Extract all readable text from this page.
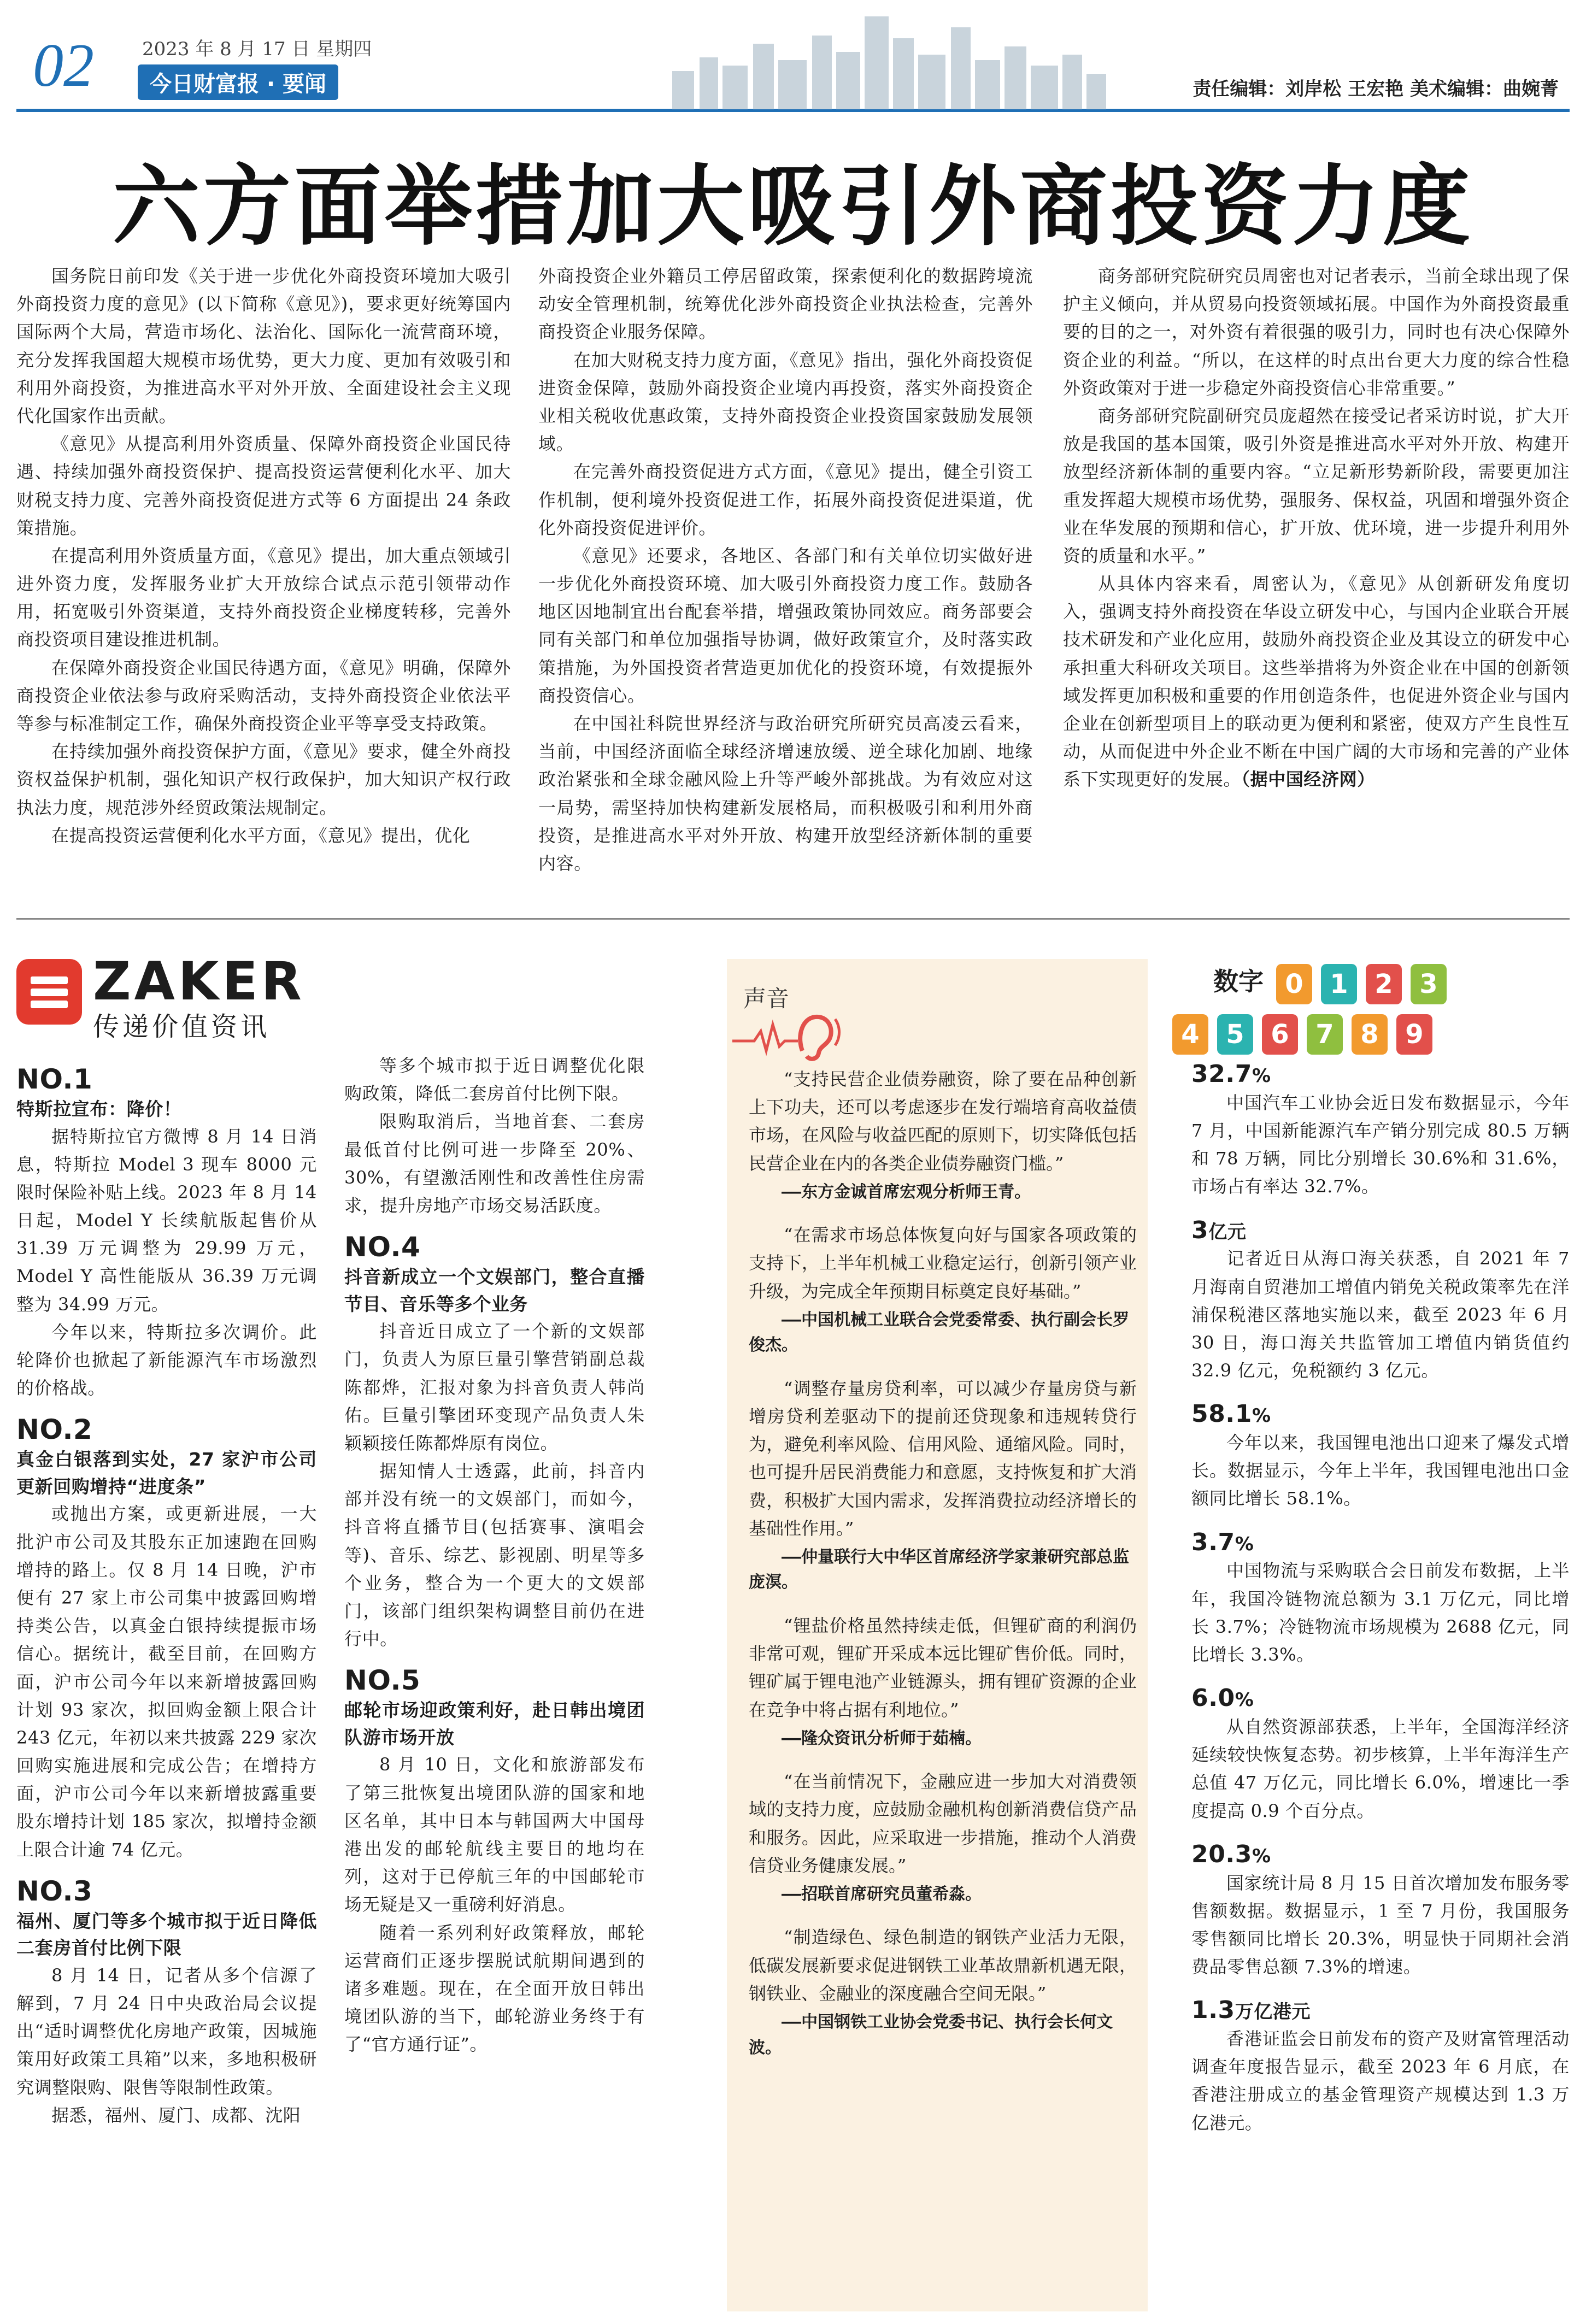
02	2023 年 8 月 17 日 星期四
今日财富报 · 要闻	责任编辑：刘岸松 王宏艳 美术编辑：曲婉菁
六方面举措加大吸引外商投资力度

国务院日前印发《关于进一步优化外商投资环境加大吸引外商投资力度的意见》(以下简称《意见》)，要求更好统筹国内国际两个大局，营造市场化、法治化、国际化一流营商环境，充分发挥我国超大规模市场优势，更大力度、更加有效吸引和利用外商投资，为推进高水平对外开放、全面建设社会主义现代化国家作出贡献。

《意见》从提高利用外资质量、保障外商投资企业国民待遇、持续加强外商投资保护、提高投资运营便利化水平、加大财税支持力度、完善外商投资促进方式等 6 方面提出 24 条政策措施。

在提高利用外资质量方面，《意见》提出，加大重点领域引进外资力度，发挥服务业扩大开放综合试点示范引领带动作用，拓宽吸引外资渠道，支持外商投资企业梯度转移，完善外商投资项目建设推进机制。

在保障外商投资企业国民待遇方面，《意见》明确，保障外商投资企业依法参与政府采购活动，支持外商投资企业依法平等参与标准制定工作，确保外商投资企业平等享受支持政策。

在持续加强外商投资保护方面，《意见》要求，健全外商投资权益保护机制，强化知识产权行政保护，加大知识产权行政执法力度，规范涉外经贸政策法规制定。

在提高投资运营便利化水平方面，《意见》提出，优化

外商投资企业外籍员工停居留政策，探索便利化的数据跨境流动安全管理机制，统筹优化涉外商投资企业执法检查，完善外商投资企业服务保障。

在加大财税支持力度方面，《意见》指出，强化外商投资促进资金保障，鼓励外商投资企业境内再投资，落实外商投资企业相关税收优惠政策，支持外商投资企业投资国家鼓励发展领域。

在完善外商投资促进方式方面，《意见》提出，健全引资工作机制，便利境外投资促进工作，拓展外商投资促进渠道，优化外商投资促进评价。

《意见》还要求，各地区、各部门和有关单位切实做好进一步优化外商投资环境、加大吸引外商投资力度工作。鼓励各地区因地制宜出台配套举措，增强政策协同效应。商务部要会同有关部门和单位加强指导协调，做好政策宣介，及时落实政策措施，为外国投资者营造更加优化的投资环境，有效提振外商投资信心。

在中国社科院世界经济与政治研究所研究员高凌云看来，当前，中国经济面临全球经济增速放缓、逆全球化加剧、地缘政治紧张和全球金融风险上升等严峻外部挑战。为有效应对这一局势，需坚持加快构建新发展格局，而积极吸引和利用外商投资，是推进高水平对外开放、构建开放型经济新体制的重要内容。

商务部研究院研究员周密也对记者表示，当前全球出现了保护主义倾向，并从贸易向投资领域拓展。中国作为外商投资最重要的目的之一，对外资有着很强的吸引力，同时也有决心保障外资企业的利益。“所以，在这样的时点出台更大力度的综合性稳外资政策对于进一步稳定外商投资信心非常重要。”

商务部研究院副研究员庞超然在接受记者采访时说，扩大开放是我国的基本国策，吸引外资是推进高水平对外开放、构建开放型经济新体制的重要内容。“立足新形势新阶段，需要更加注重发挥超大规模市场优势，强服务、保权益，巩固和增强外资企业在华发展的预期和信心，扩开放、优环境，进一步提升利用外资的质量和水平。”

从具体内容来看，周密认为，《意见》从创新研发角度切入，强调支持外商投资在华设立研发中心，与国内企业联合开展技术研发和产业化应用，鼓励外商投资企业及其设立的研发中心承担重大科研攻关项目。这些举措将为外资企业在中国的创新领域发挥更加积极和重要的作用创造条件，也促进外资企业与国内企业在创新型项目上的联动更为便利和紧密，使双方产生良性互动，从而促进中外企业不断在中国广阔的大市场和完善的产业体系下实现更好的发展。（据中国经济网）

ZAKER
传递价值资讯
NO.1
特斯拉宣布：降价！

据特斯拉官方微博 8 月 14 日消息，特斯拉 Model 3 现车 8000 元限时保险补贴上线。2023 年 8 月 14 日起，Model Y 长续航版起售价从 31.39 万元调整为 29.99 万元，Model Y 高性能版从 36.39 万元调整为 34.99 万元。

今年以来，特斯拉多次调价。此轮降价也掀起了新能源汽车市场激烈的价格战。

NO.2
真金白银落到实处，27 家沪市公司更新回购增持“进度条”

或抛出方案，或更新进展，一大批沪市公司及其股东正加速跑在回购增持的路上。仅 8 月 14 日晚，沪市便有 27 家上市公司集中披露回购增持类公告，以真金白银持续提振市场信心。据统计，截至目前，在回购方面，沪市公司今年以来新增披露回购计划 93 家次，拟回购金额上限合计 243 亿元，年初以来共披露 229 家次回购实施进展和完成公告；在增持方面，沪市公司今年以来新增披露重要股东增持计划 185 家次，拟增持金额上限合计逾 74 亿元。

NO.3
福州、厦门等多个城市拟于近日降低二套房首付比例下限

8 月 14 日，记者从多个信源了解到，7 月 24 日中央政治局会议提出“适时调整优化房地产政策，因城施策用好政策工具箱”以来，多地积极研究调整限购、限售等限制性政策。

据悉，福州、厦门、成都、沈阳

等多个城市拟于近日调整优化限购政策，降低二套房首付比例下限。

限购取消后，当地首套、二套房最低首付比例可进一步降至 20%、30%，有望激活刚性和改善性住房需求，提升房地产市场交易活跃度。

NO.4
抖音新成立一个文娱部门，整合直播节目、音乐等多个业务

抖音近日成立了一个新的文娱部门，负责人为原巨量引擎营销副总裁陈都烨，汇报对象为抖音负责人韩尚佑。巨量引擎团环变现产品负责人朱颖颖接任陈都烨原有岗位。

据知情人士透露，此前，抖音内部并没有统一的文娱部门，而如今，抖音将直播节目(包括赛事、演唱会等)、音乐、综艺、影视剧、明星等多个业务，整合为一个更大的文娱部门，该部门组织架构调整目前仍在进行中。

NO.5
邮轮市场迎政策利好，赴日韩出境团队游市场开放

8 月 10 日，文化和旅游部发布了第三批恢复出境团队游的国家和地区名单，其中日本与韩国两大中国母港出发的邮轮航线主要目的地均在列，这对于已停航三年的中国邮轮市场无疑是又一重磅利好消息。

随着一系列利好政策释放，邮轮运营商们正逐步摆脱试航期间遇到的诸多难题。现在，在全面开放日韩出境团队游的当下，邮轮游业务终于有了“官方通行证”。

声音

“支持民营企业债券融资，除了要在品种创新上下功夫，还可以考虑逐步在发行端培育高收益债市场，在风险与收益匹配的原则下，切实降低包括民营企业在内的各类企业债券融资门槛。”

——东方金诚首席宏观分析师王青。

“在需求市场总体恢复向好与国家各项政策的支持下，上半年机械工业稳定运行，创新引领产业升级，为完成全年预期目标奠定良好基础。”

——中国机械工业联合会党委常委、执行副会长罗俊杰。

“调整存量房贷利率，可以减少存量房贷与新增房贷利差驱动下的提前还贷现象和违规转贷行为，避免利率风险、信用风险、通缩风险。同时，也可提升居民消费能力和意愿，支持恢复和扩大消费，积极扩大国内需求，发挥消费拉动经济增长的基础性作用。”

——仲量联行大中华区首席经济学家兼研究部总监庞溟。

“锂盐价格虽然持续走低，但锂矿商的利润仍非常可观，锂矿开采成本远比锂矿售价低。同时，锂矿属于锂电池产业链源头，拥有锂矿资源的企业在竞争中将占据有利地位。”

——隆众资讯分析师于茹楠。

“在当前情况下，金融应进一步加大对消费领域的支持力度，应鼓励金融机构创新消费信贷产品和服务。因此，应采取进一步措施，推动个人消费信贷业务健康发展。”

——招联首席研究员董希淼。

“制造绿色、绿色制造的钢铁产业活力无限，低碳发展新要求促进钢铁工业革故鼎新机遇无限，钢铁业、金融业的深度融合空间无限。”

——中国钢铁工业协会党委书记、执行会长何文波。

数字 0	1	2	3
4	5	6	7	8	9
32.7%

中国汽车工业协会近日发布数据显示，今年 7 月，中国新能源汽车产销分别完成 80.5 万辆和 78 万辆，同比分别增长 30.6%和 31.6%，市场占有率达 32.7%。

3亿元

记者近日从海口海关获悉，自 2021 年 7 月海南自贸港加工增值内销免关税政策率先在洋浦保税港区落地实施以来，截至 2023 年 6 月 30 日，海口海关共监管加工增值内销货值约 32.9 亿元，免税额约 3 亿元。

58.1%

今年以来，我国锂电池出口迎来了爆发式增长。数据显示，今年上半年，我国锂电池出口金额同比增长 58.1%。

3.7%

中国物流与采购联合会日前发布数据，上半年，我国冷链物流总额为 3.1 万亿元，同比增长 3.7%；冷链物流市场规模为 2688 亿元，同比增长 3.3%。

6.0%

从自然资源部获悉，上半年，全国海洋经济延续较快恢复态势。初步核算，上半年海洋生产总值 47 万亿元，同比增长 6.0%，增速比一季度提高 0.9 个百分点。

20.3%

国家统计局 8 月 15 日首次增加发布服务零售额数据。数据显示，1 至 7 月份，我国服务零售额同比增长 20.3%，明显快于同期社会消费品零售总额 7.3%的增速。

1.3万亿港元

香港证监会日前发布的资产及财富管理活动调查年度报告显示，截至 2023 年 6 月底，在香港注册成立的基金管理资产规模达到 1.3 万亿港元。
